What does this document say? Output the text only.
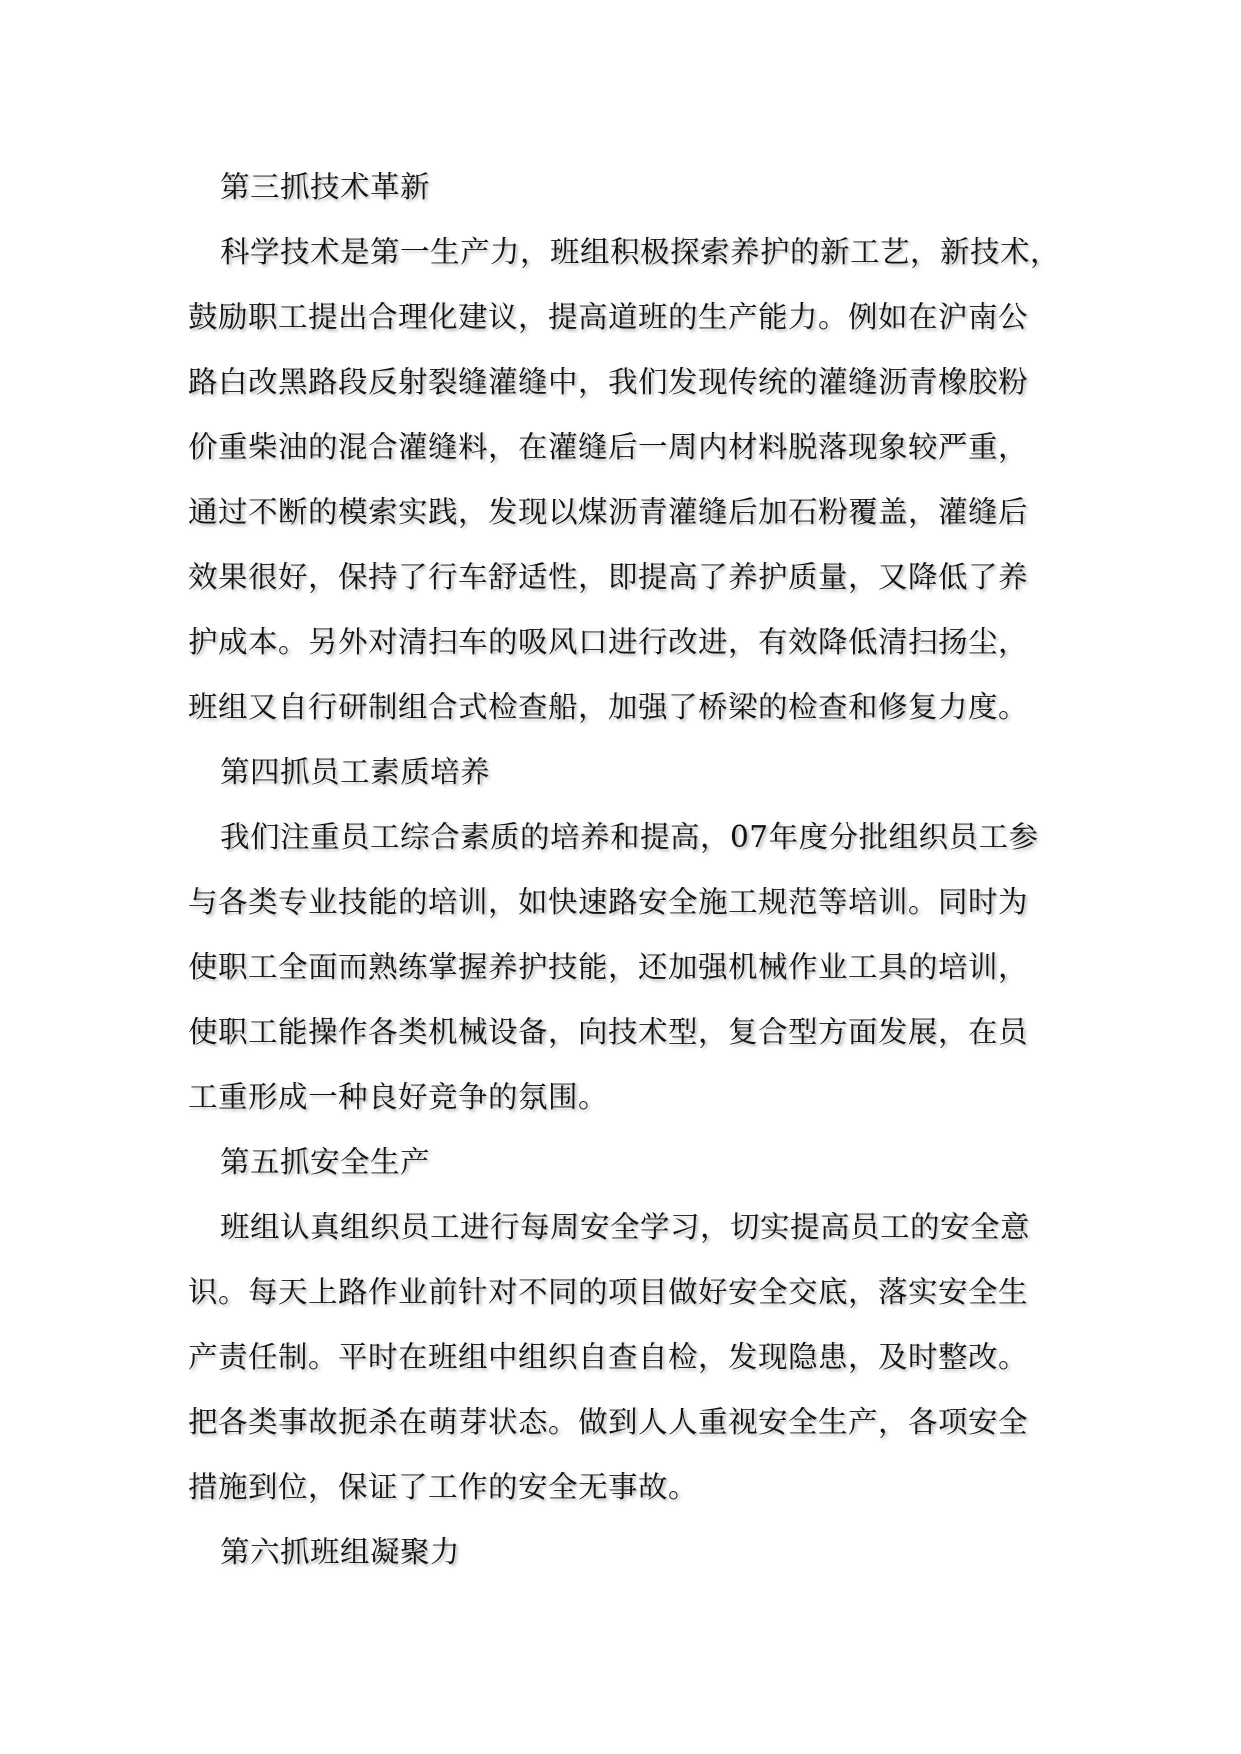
第三抓技术革新
科学技术是第一生产力，班组积极探索养护的新工艺，新技术，
鼓励职工提出合理化建议，提高道班的生产能力。例如在沪南公
路白改黑路段反射裂缝灌缝中，我们发现传统的灌缝沥青橡胶粉
价重柴油的混合灌缝料，在灌缝后一周内材料脱落现象较严重，
通过不断的模索实践，发现以煤沥青灌缝后加石粉覆盖，灌缝后
效果很好，保持了行车舒适性，即提高了养护质量，又降低了养
护成本。另外对清扫车的吸风口进行改进，有效降低清扫扬尘，
班组又自行研制组合式检查船，加强了桥梁的检查和修复力度。
第四抓员工素质培养
我们注重员工综合素质的培养和提高，07年度分批组织员工参
与各类专业技能的培训，如快速路安全施工规范等培训。同时为
使职工全面而熟练掌握养护技能，还加强机械作业工具的培训，
使职工能操作各类机械设备，向技术型，复合型方面发展，在员
工重形成一种良好竞争的氛围。
第五抓安全生产
班组认真组织员工进行每周安全学习，切实提高员工的安全意
识。每天上路作业前针对不同的项目做好安全交底，落实安全生
产责任制。平时在班组中组织自查自检，发现隐患，及时整改。
把各类事故扼杀在萌芽状态。做到人人重视安全生产，各项安全
措施到位，保证了工作的安全无事故。
第六抓班组凝聚力
